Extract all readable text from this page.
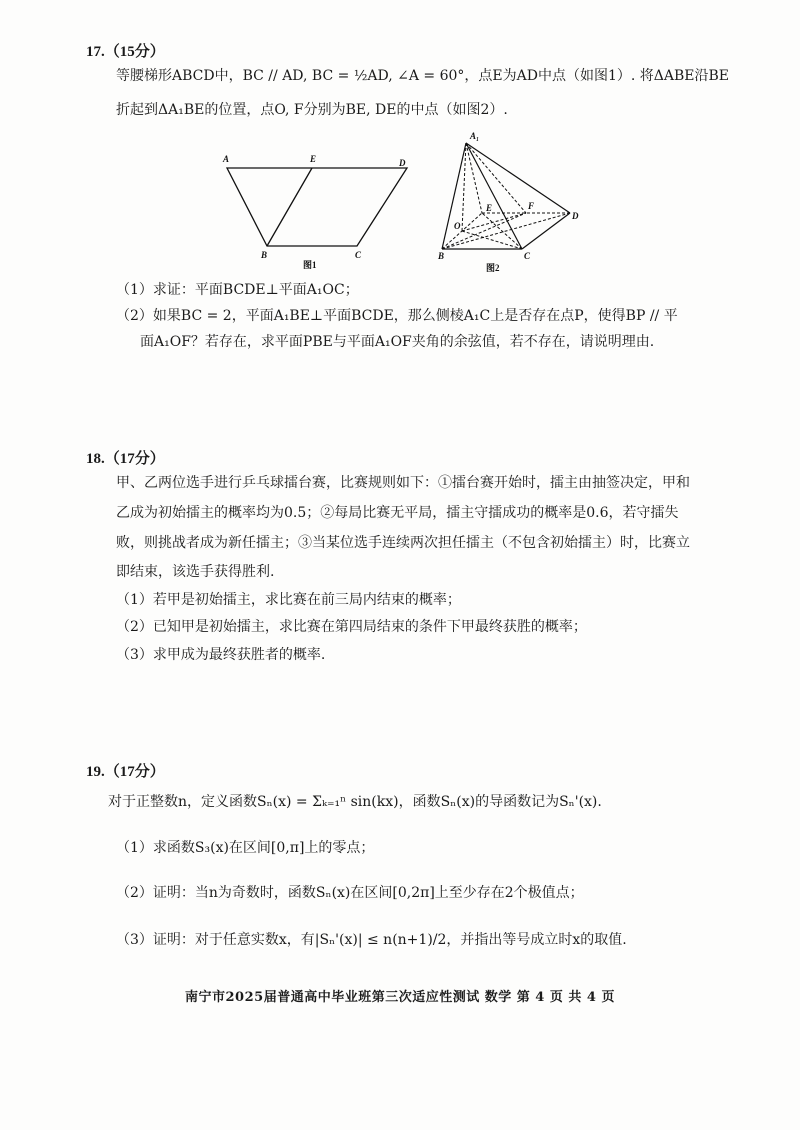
17.（15分）
等腰梯形ABCD中，BC // AD, BC = ½AD, ∠A = 60°，点E为AD中点（如图1）. 将ΔABE沿BE
折起到ΔA₁BE的位置，点O, F分别为BE, DE的中点（如图2）.
A	E	D
B	C
图1
A₁
E	F
O
D
B	C
图2
（1）求证：平面BCDE⊥平面A₁OC；
（2）如果BC = 2，平面A₁BE⊥平面BCDE，那么侧棱A₁C上是否存在点P，使得BP // 平
面A₁OF？若存在，求平面PBE与平面A₁OF夹角的余弦值，若不存在，请说明理由.
18.（17分）
甲、乙两位选手进行乒乓球擂台赛，比赛规则如下：①擂台赛开始时，擂主由抽签决定，甲和
乙成为初始擂主的概率均为0.5；②每局比赛无平局，擂主守擂成功的概率是0.6，若守擂失
败，则挑战者成为新任擂主；③当某位选手连续两次担任擂主（不包含初始擂主）时，比赛立
即结束，该选手获得胜利.
（1）若甲是初始擂主，求比赛在前三局内结束的概率；
（2）已知甲是初始擂主，求比赛在第四局结束的条件下甲最终获胜的概率；
（3）求甲成为最终获胜者的概率.
19.（17分）
对于正整数n，定义函数Sₙ(x) = Σₖ₌₁ⁿ sin(kx)，函数Sₙ(x)的导函数记为Sₙ'(x).
（1）求函数S₃(x)在区间[0,π]上的零点；
（2）证明：当n为奇数时，函数Sₙ(x)在区间[0,2π]上至少存在2个极值点；
（3）证明：对于任意实数x，有|Sₙ'(x)| ≤ n(n+1)/2，并指出等号成立时x的取值.
南宁市2025届普通高中毕业班第三次适应性测试 数学 第 4 页 共 4 页
